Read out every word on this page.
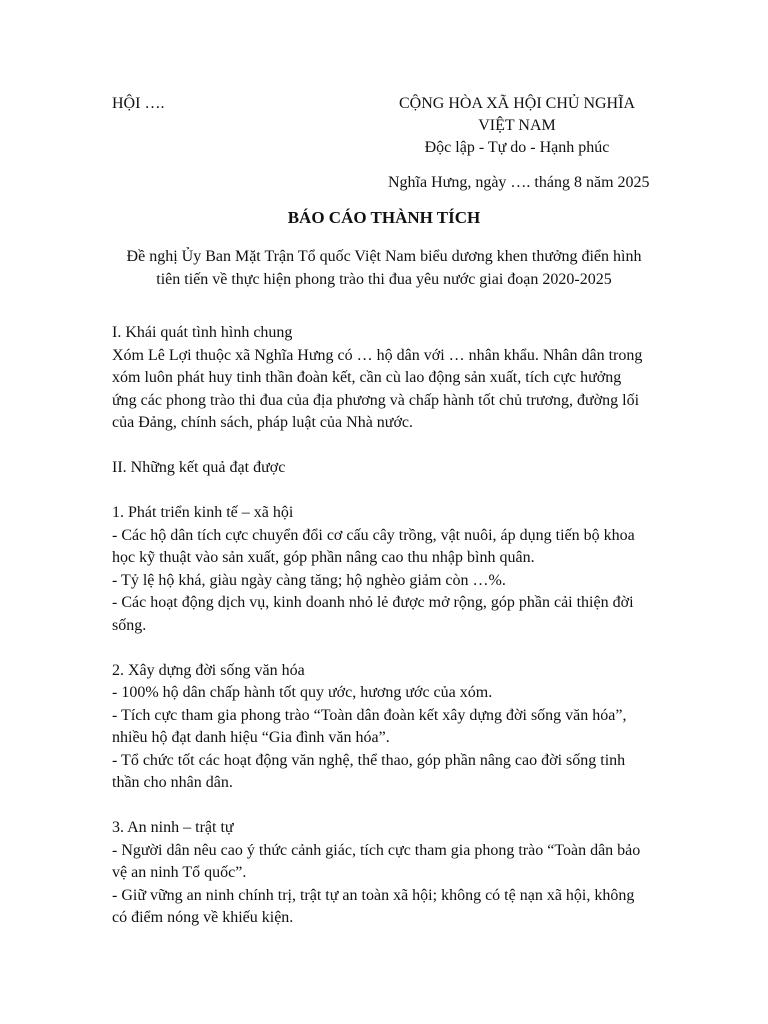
HỘI ….	CỘNG HÒA XÃ HỘI CHỦ NGHĨA
VIỆT NAM
Độc lập - Tự do - Hạnh phúc
Nghĩa Hưng, ngày …. tháng 8 năm 2025
BÁO CÁO THÀNH TÍCH
Đề nghị Ủy Ban Mặt Trận Tổ quốc Việt Nam biểu dương khen thưởng điển hình
tiên tiến về thực hiện phong trào thi đua yêu nước giai đoạn 2020-2025
I. Khái quát tình hình chung
Xóm Lê Lợi thuộc xã Nghĩa Hưng có … hộ dân với … nhân khẩu. Nhân dân trong
xóm luôn phát huy tinh thần đoàn kết, cần cù lao động sản xuất, tích cực hưởng
ứng các phong trào thi đua của địa phương và chấp hành tốt chủ trương, đường lối
của Đảng, chính sách, pháp luật của Nhà nước.
II. Những kết quả đạt được
1. Phát triển kinh tế – xã hội
- Các hộ dân tích cực chuyển đổi cơ cấu cây trồng, vật nuôi, áp dụng tiến bộ khoa
học kỹ thuật vào sản xuất, góp phần nâng cao thu nhập bình quân.
- Tỷ lệ hộ khá, giàu ngày càng tăng; hộ nghèo giảm còn …%.
- Các hoạt động dịch vụ, kinh doanh nhỏ lẻ được mở rộng, góp phần cải thiện đời
sống.
2. Xây dựng đời sống văn hóa
- 100% hộ dân chấp hành tốt quy ước, hương ước của xóm.
- Tích cực tham gia phong trào “Toàn dân đoàn kết xây dựng đời sống văn hóa”,
nhiều hộ đạt danh hiệu “Gia đình văn hóa”.
- Tổ chức tốt các hoạt động văn nghệ, thể thao, góp phần nâng cao đời sống tinh
thần cho nhân dân.
3. An ninh – trật tự
- Người dân nêu cao ý thức cảnh giác, tích cực tham gia phong trào “Toàn dân bảo
vệ an ninh Tổ quốc”.
- Giữ vững an ninh chính trị, trật tự an toàn xã hội; không có tệ nạn xã hội, không
có điểm nóng về khiếu kiện.
